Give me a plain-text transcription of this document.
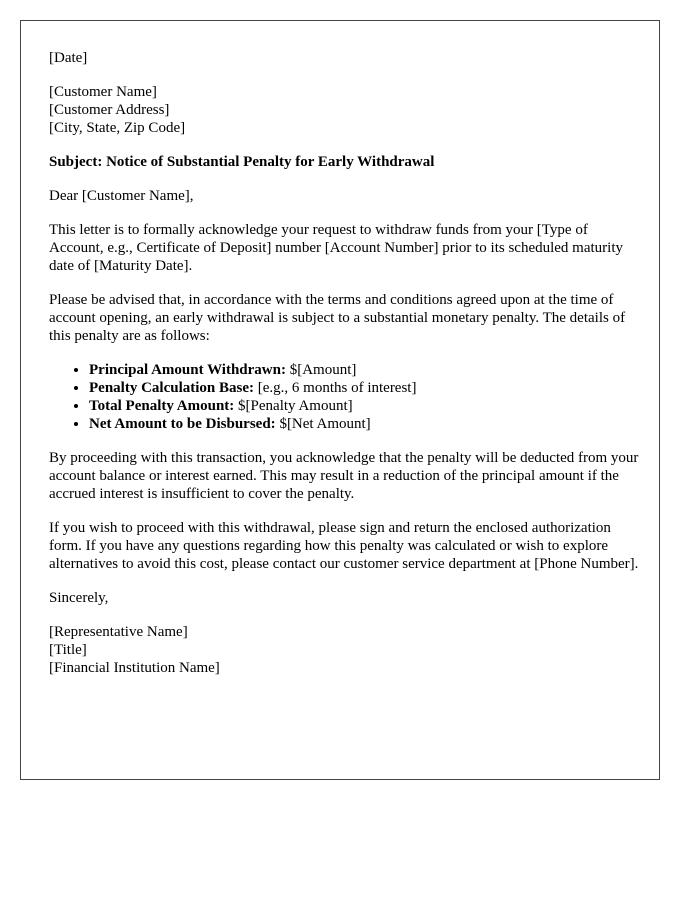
[Date]

[Customer Name]
[Customer Address]
[City, State, Zip Code]

Subject: Notice of Substantial Penalty for Early Withdrawal

Dear [Customer Name],

This letter is to formally acknowledge your request to withdraw funds from your [Type of Account, e.g., Certificate of Deposit] number [Account Number] prior to its scheduled maturity date of [Maturity Date].

Please be advised that, in accordance with the terms and conditions agreed upon at the time of account opening, an early withdrawal is subject to a substantial monetary penalty. The details of this penalty are as follows:

• Principal Amount Withdrawn: $[Amount]
• Penalty Calculation Base: [e.g., 6 months of interest]
• Total Penalty Amount: $[Penalty Amount]
• Net Amount to be Disbursed: $[Net Amount]

By proceeding with this transaction, you acknowledge that the penalty will be deducted from your account balance or interest earned. This may result in a reduction of the principal amount if the accrued interest is insufficient to cover the penalty.

If you wish to proceed with this withdrawal, please sign and return the enclosed authorization form. If you have any questions regarding how this penalty was calculated or wish to explore alternatives to avoid this cost, please contact our customer service department at [Phone Number].

Sincerely,

[Representative Name]
[Title]
[Financial Institution Name]
